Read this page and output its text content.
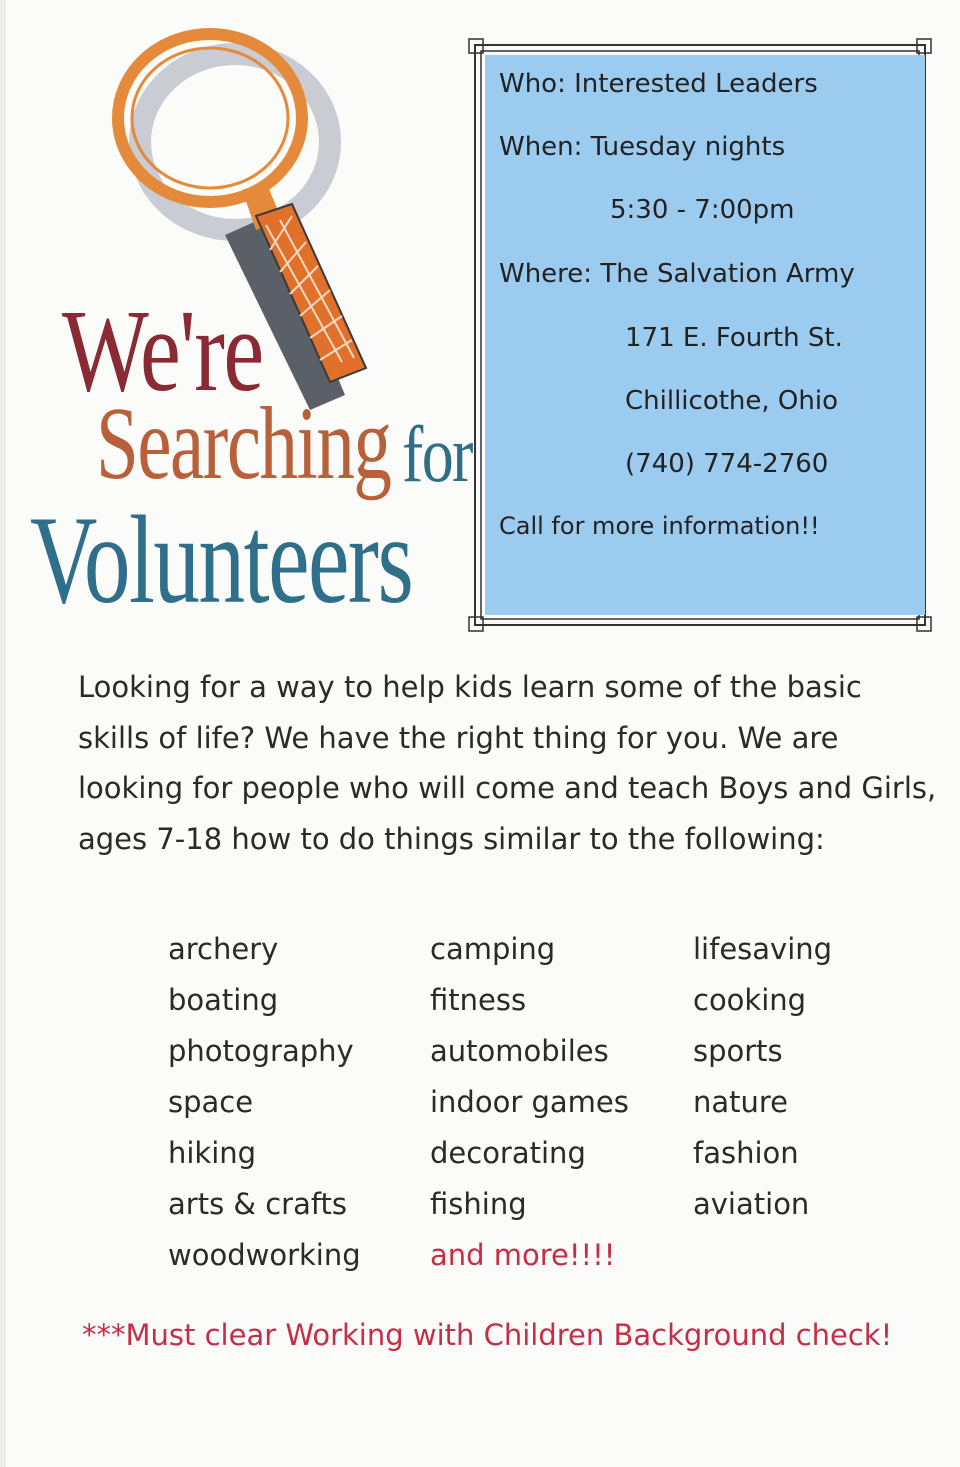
We're
Searching for
Volunteers
Who: Interested Leaders
When: Tuesday nights
5:30 - 7:00pm
Where: The Salvation Army
171 E. Fourth St.
Chillicothe, Ohio
(740) 774-2760
Call for more information!!
Looking for a way to help kids learn some of the basic skills of life? We have the right thing for you. We are looking for people who will come and teach Boys and Girls, ages 7-18 how to do things similar to the following:
archery
boating
photography
space
hiking
arts & crafts
woodworking
camping
fitness
automobiles
indoor games
decorating
fishing
and more!!!!
lifesaving
cooking
sports
nature
fashion
aviation
***Must clear Working with Children Background check!
